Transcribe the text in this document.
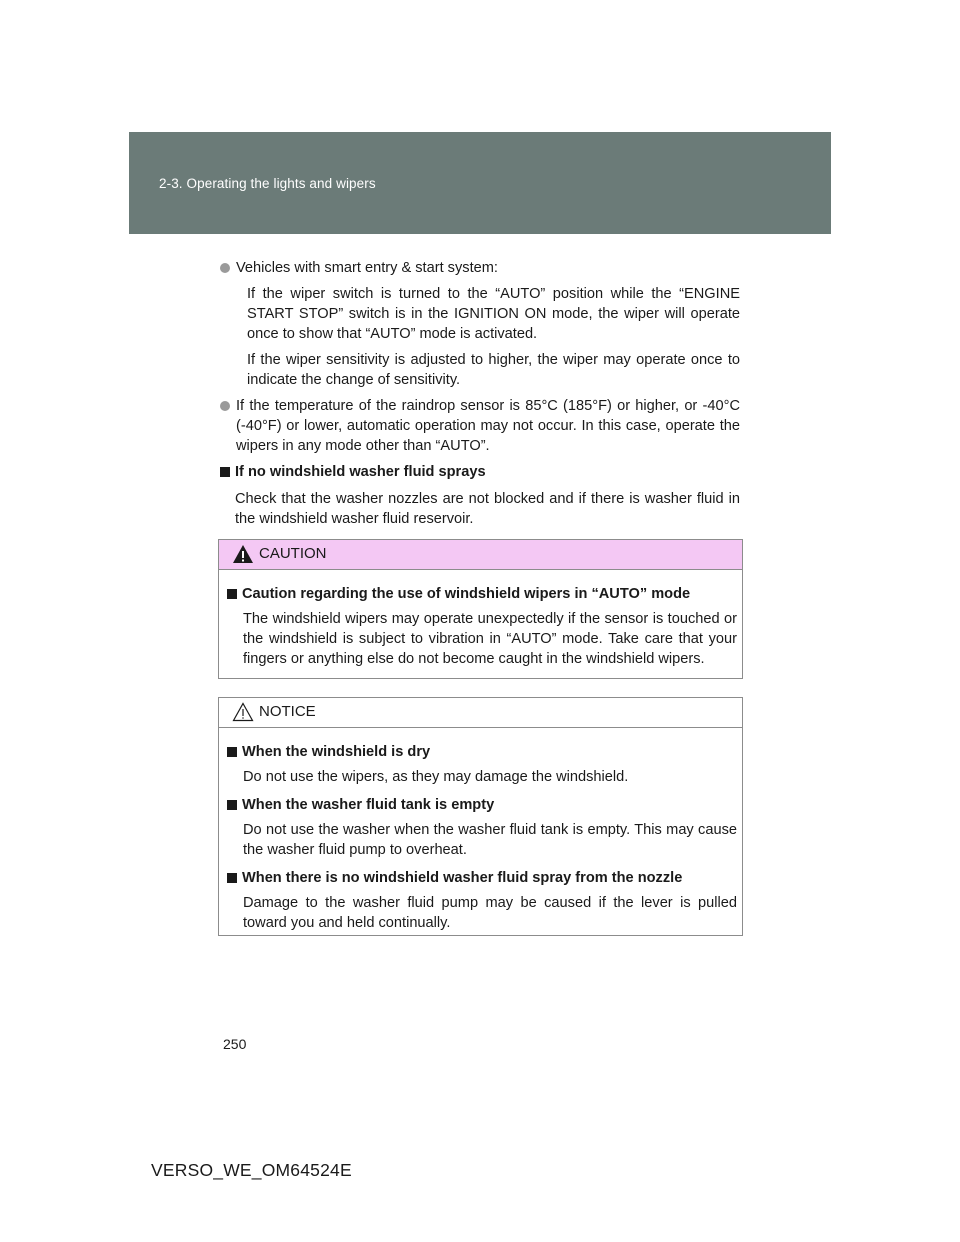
2-3. Operating the lights and wipers
Vehicles with smart entry & start system:
If the wiper switch is turned to the “AUTO” position while the “ENGINE START STOP” switch is in the IGNITION ON mode, the wiper will operate once to show that “AUTO” mode is activated.
If the wiper sensitivity is adjusted to higher, the wiper may operate once to indicate the change of sensitivity.
If the temperature of the raindrop sensor is 85°C (185°F) or higher, or -40°C (-40°F) or lower, automatic operation may not occur. In this case, operate the wipers in any mode other than “AUTO”.
If no windshield washer fluid sprays
Check that the washer nozzles are not blocked and if there is washer fluid in the windshield washer fluid reservoir.
CAUTION
Caution regarding the use of windshield wipers in “AUTO” mode
The windshield wipers may operate unexpectedly if the sensor is touched or the windshield is subject to vibration in “AUTO” mode. Take care that your fingers or anything else do not become caught in the windshield wipers.
NOTICE
When the windshield is dry
Do not use the wipers, as they may damage the windshield.
When the washer fluid tank is empty
Do not use the washer when the washer fluid tank is empty. This may cause the washer fluid pump to overheat.
When there is no windshield washer fluid spray from the nozzle
Damage to the washer fluid pump may be caused if the lever is pulled toward you and held continually.
250
VERSO_WE_OM64524E
